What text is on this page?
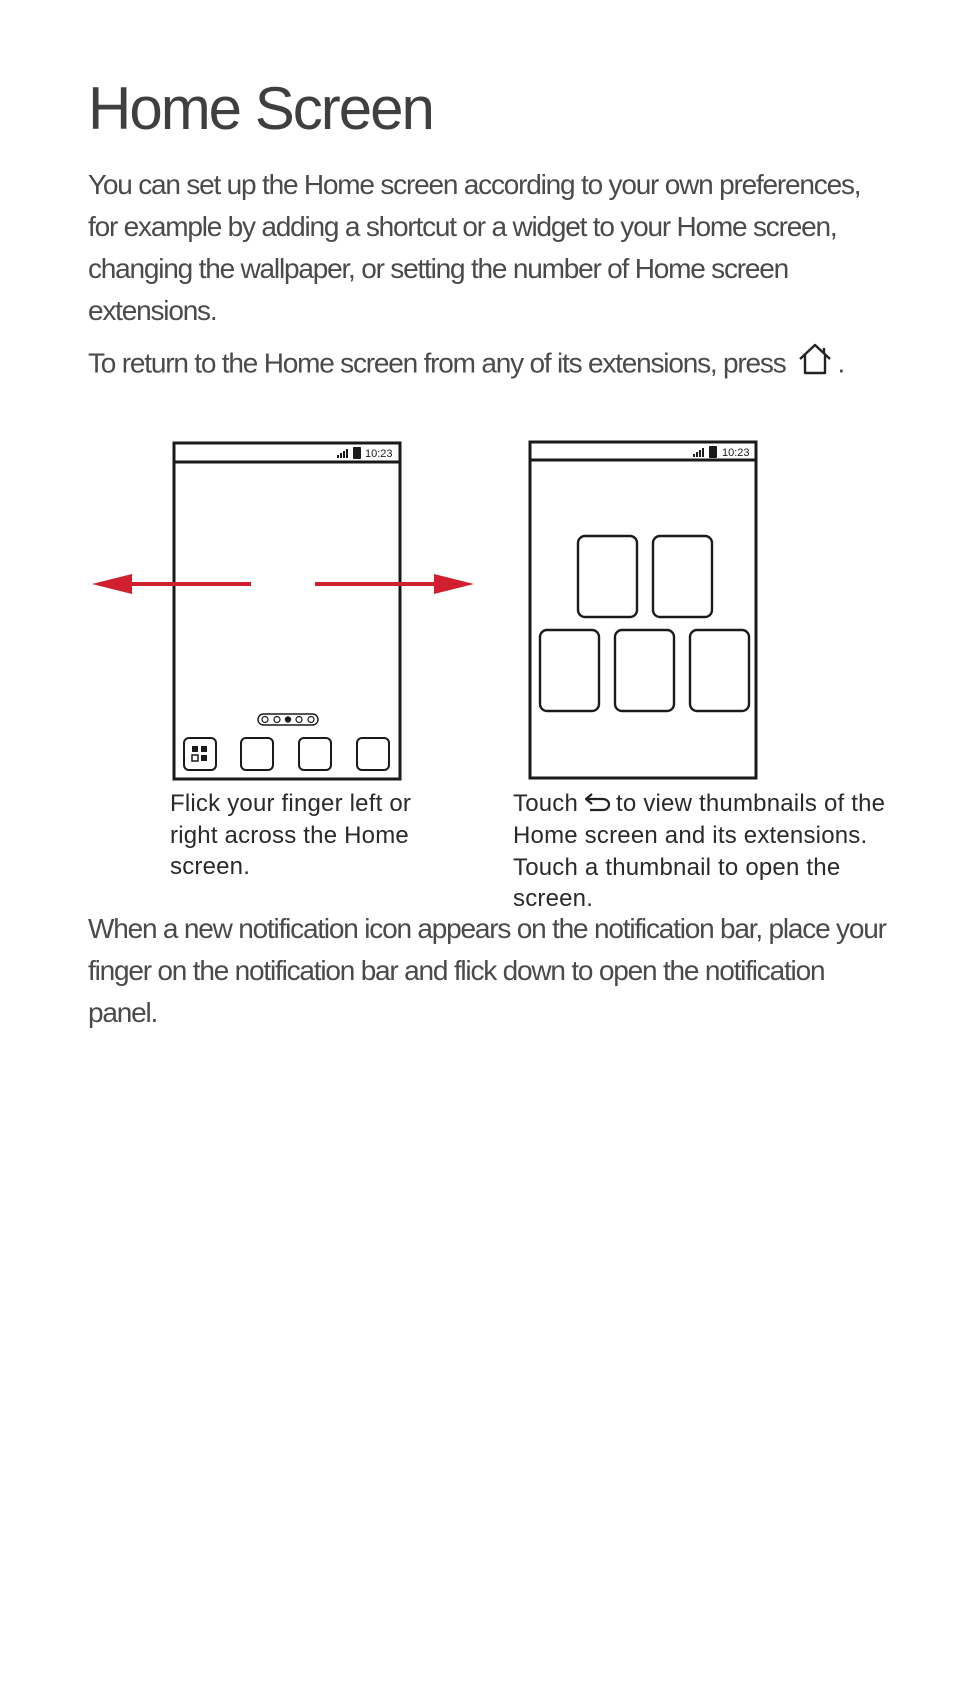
Home Screen

You can set up the Home screen according to your own preferences, for example by adding a shortcut or a widget to your Home screen, changing the wallpaper, or setting the number of Home screen extensions.

To return to the Home screen from any of its extensions, press .

10:23	10:23

Flick your finger left or right across the Home screen.

Touch to view thumbnails of the Home screen and its extensions. Touch a thumbnail to open the screen.

When a new notification icon appears on the notification bar, place your finger on the notification bar and flick down to open the notification panel.
